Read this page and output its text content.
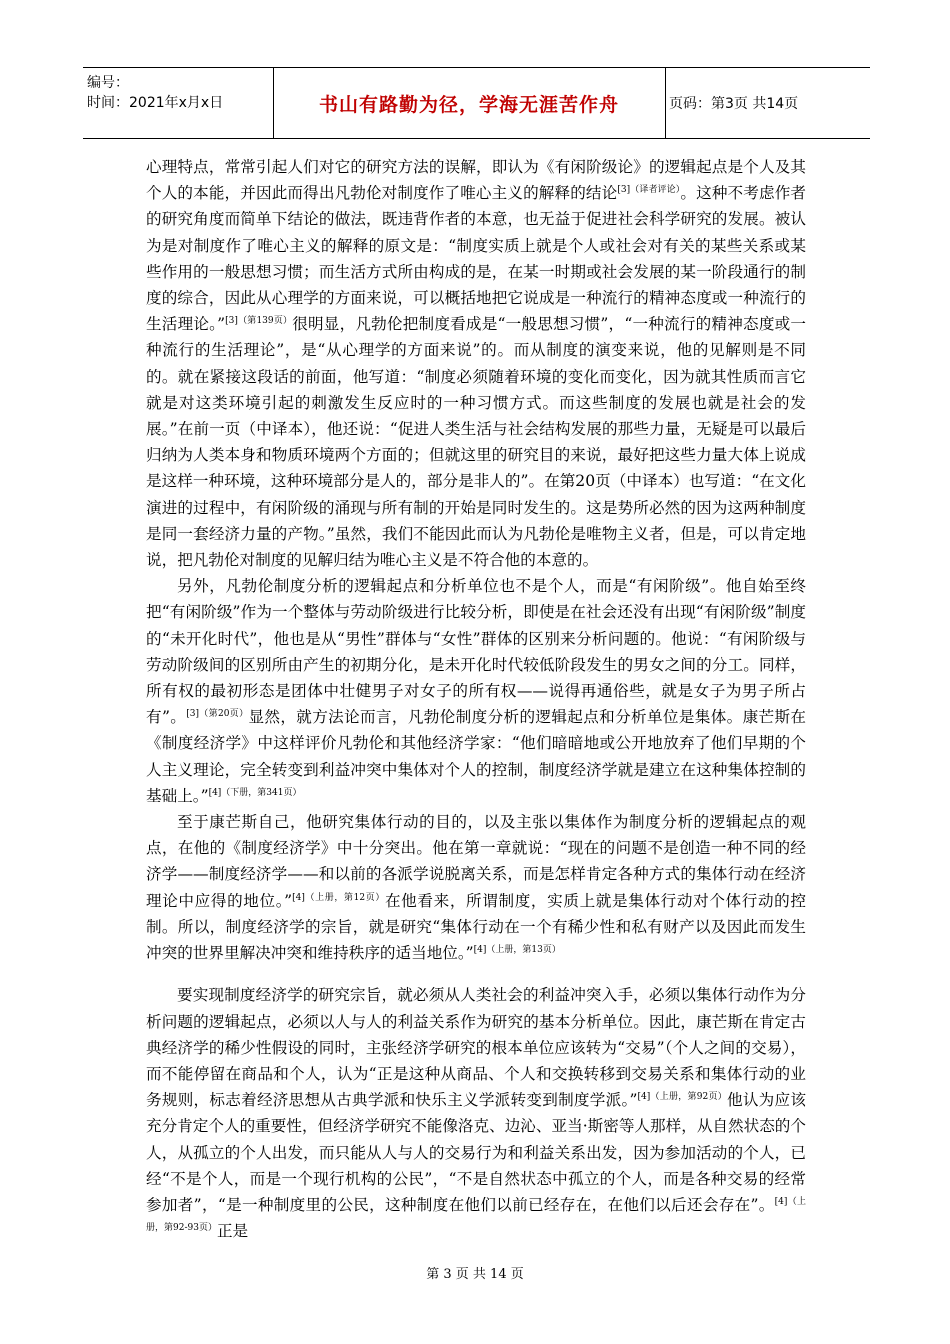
编号：
时间：2021年x月x日	书山有路勤为径，学海无涯苦作舟	页码：第3页 共14页

心理特点，常常引起人们对它的研究方法的误解，即认为《有闲阶级论》的逻辑起点是个人及其个人的本能，并因此而得出凡勃伦对制度作了唯心主义的解释的结论$^{[3](译者评论)}$。这种不考虑作者的研究角度而简单下结论的做法，既违背作者的本意，也无益于促进社会科学研究的发展。被认为是对制度作了唯心主义的解释的原文是：“制度实质上就是个人或社会对有关的某些关系或某些作用的一般思想习惯；而生活方式所由构成的是，在某一时期或社会发展的某一阶段通行的制度的综合，因此从心理学的方面来说，可以概括地把它说成是一种流行的精神态度或一种流行的生活理论。”$^{[3](第139页)}$很明显，凡勃伦把制度看成是“一般思想习惯”，“一种流行的精神态度或一种流行的生活理论”，是“从心理学的方面来说”的。而从制度的演变来说，他的见解则是不同的。就在紧接这段话的前面，他写道：“制度必须随着环境的变化而变化，因为就其性质而言它就是对这类环境引起的刺激发生反应时的一种习惯方式。而这些制度的发展也就是社会的发展。”在前一页（中译本），他还说：“促进人类生活与社会结构发展的那些力量，无疑是可以最后归纳为人类本身和物质环境两个方面的；但就这里的研究目的来说，最好把这些力量大体上说成是这样一种环境，这种环境部分是人的，部分是非人的”。在第20页（中译本）也写道：“在文化演进的过程中，有闲阶级的涌现与所有制的开始是同时发生的。这是势所必然的因为这两种制度是同一套经济力量的产物。”虽然，我们不能因此而认为凡勃伦是唯物主义者，但是，可以肯定地说，把凡勃伦对制度的见解归结为唯心主义是不符合他的本意的。

另外，凡勃伦制度分析的逻辑起点和分析单位也不是个人，而是“有闲阶级”。他自始至终把“有闲阶级”作为一个整体与劳动阶级进行比较分析，即使是在社会还没有出现“有闲阶级”制度的“未开化时代”，他也是从“男性”群体与“女性”群体的区别来分析问题的。他说：“有闲阶级与劳动阶级间的区别所由产生的初期分化，是未开化时代较低阶段发生的男女之间的分工。同样，所有权的最初形态是团体中壮健男子对女子的所有权——说得再通俗些，就是女子为男子所占有”。$^{[3](第20页)}$显然，就方法论而言，凡勃伦制度分析的逻辑起点和分析单位是集体。康芒斯在《制度经济学》中这样评价凡勃伦和其他经济学家：“他们暗暗地或公开地放弃了他们早期的个人主义理论，完全转变到利益冲突中集体对个人的控制，制度经济学就是建立在这种集体控制的基础上。”$^{[4](下册,第341页)}$

至于康芒斯自己，他研究集体行动的目的，以及主张以集体作为制度分析的逻辑起点的观点，在他的《制度经济学》中十分突出。他在第一章就说：“现在的问题不是创造一种不同的经济学——制度经济学——和以前的各派学说脱离关系，而是怎样肯定各种方式的集体行动在经济理论中应得的地位。”$^{[4](上册,第12页)}$在他看来，所谓制度，实质上就是集体行动对个体行动的控制。所以，制度经济学的宗旨，就是研究“集体行动在一个有稀少性和私有财产以及因此而发生冲突的世界里解决冲突和维持秩序的适当地位。”$^{[4](上册,第13页)}$

要实现制度经济学的研究宗旨，就必须从人类社会的利益冲突入手，必须以集体行动作为分析问题的逻辑起点，必须以人与人的利益关系作为研究的基本分析单位。因此，康芒斯在肯定古典经济学的稀少性假设的同时，主张经济学研究的根本单位应该转为“交易”（个人之间的交易），而不能停留在商品和个人，认为“正是这种从商品、个人和交换转移到交易关系和集体行动的业务规则，标志着经济思想从古典学派和快乐主义学派转变到制度学派。”$^{[4](上册,第92页)}$他认为应该充分肯定个人的重要性，但经济学研究不能像洛克、边沁、亚当·斯密等人那样，从自然状态的个人，从孤立的个人出发，而只能从人与人的交易行为和利益关系出发，因为参加活动的个人，已经“不是个人，而是一个现行机构的公民”，“不是自然状态中孤立的个人，而是各种交易的经常参加者”，“是一种制度里的公民，这种制度在他们以前已经存在，在他们以后还会存在”。$^{[4](上册,第92-93页)}$正是

第 3 页 共 14 页
